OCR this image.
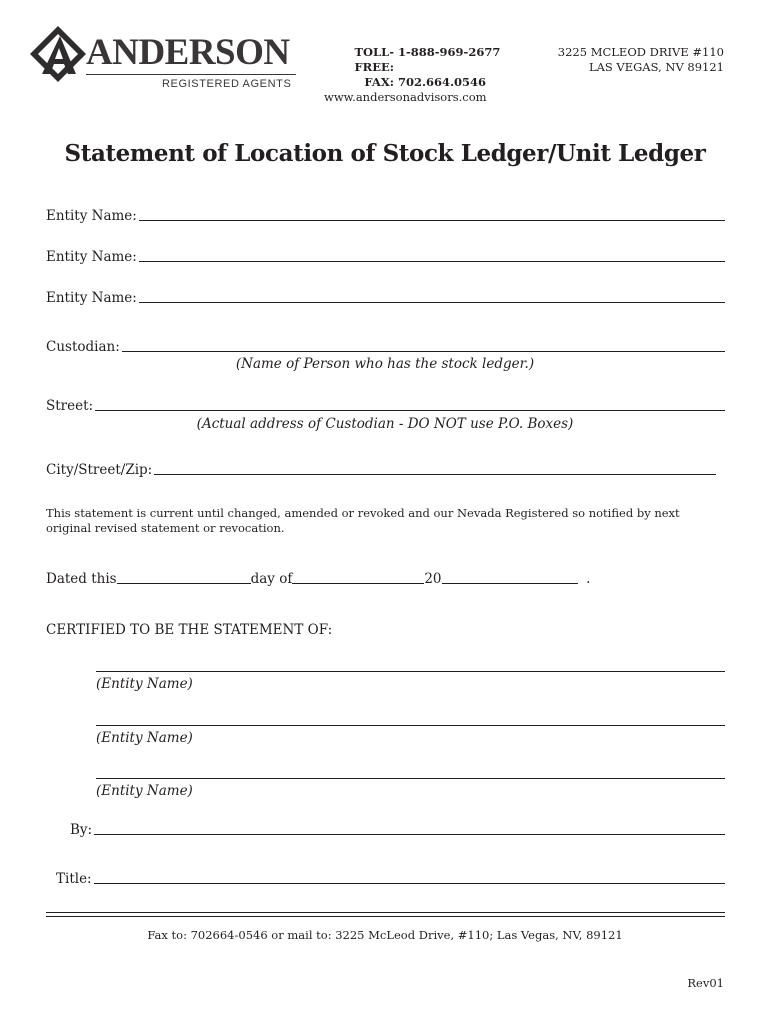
ANDERSON
REGISTERED AGENTS
TOLL-FREE:
1-888-969-2677
FAX: 702.664.0546
www.andersonadvisors.com
3225 MCLEOD DRIVE #110
LAS VEGAS, NV 89121
Statement of Location of Stock Ledger/Unit Ledger
Entity Name:
Entity Name:
Entity Name:
Custodian:
(Name of Person who has the stock ledger.)
Street:
(Actual address of Custodian - DO NOT use P.O. Boxes)
City/Street/Zip:
This statement is current until changed, amended or revoked and our Nevada Registered so notified by next original revised statement or revocation.
Dated this	day of	20	.
CERTIFIED TO BE THE STATEMENT OF:
(Entity Name)
(Entity Name)
(Entity Name)
By:
Title:
Fax to: 702664-0546 or mail to: 3225 McLeod Drive, #110; Las Vegas, NV, 89121
Rev01
